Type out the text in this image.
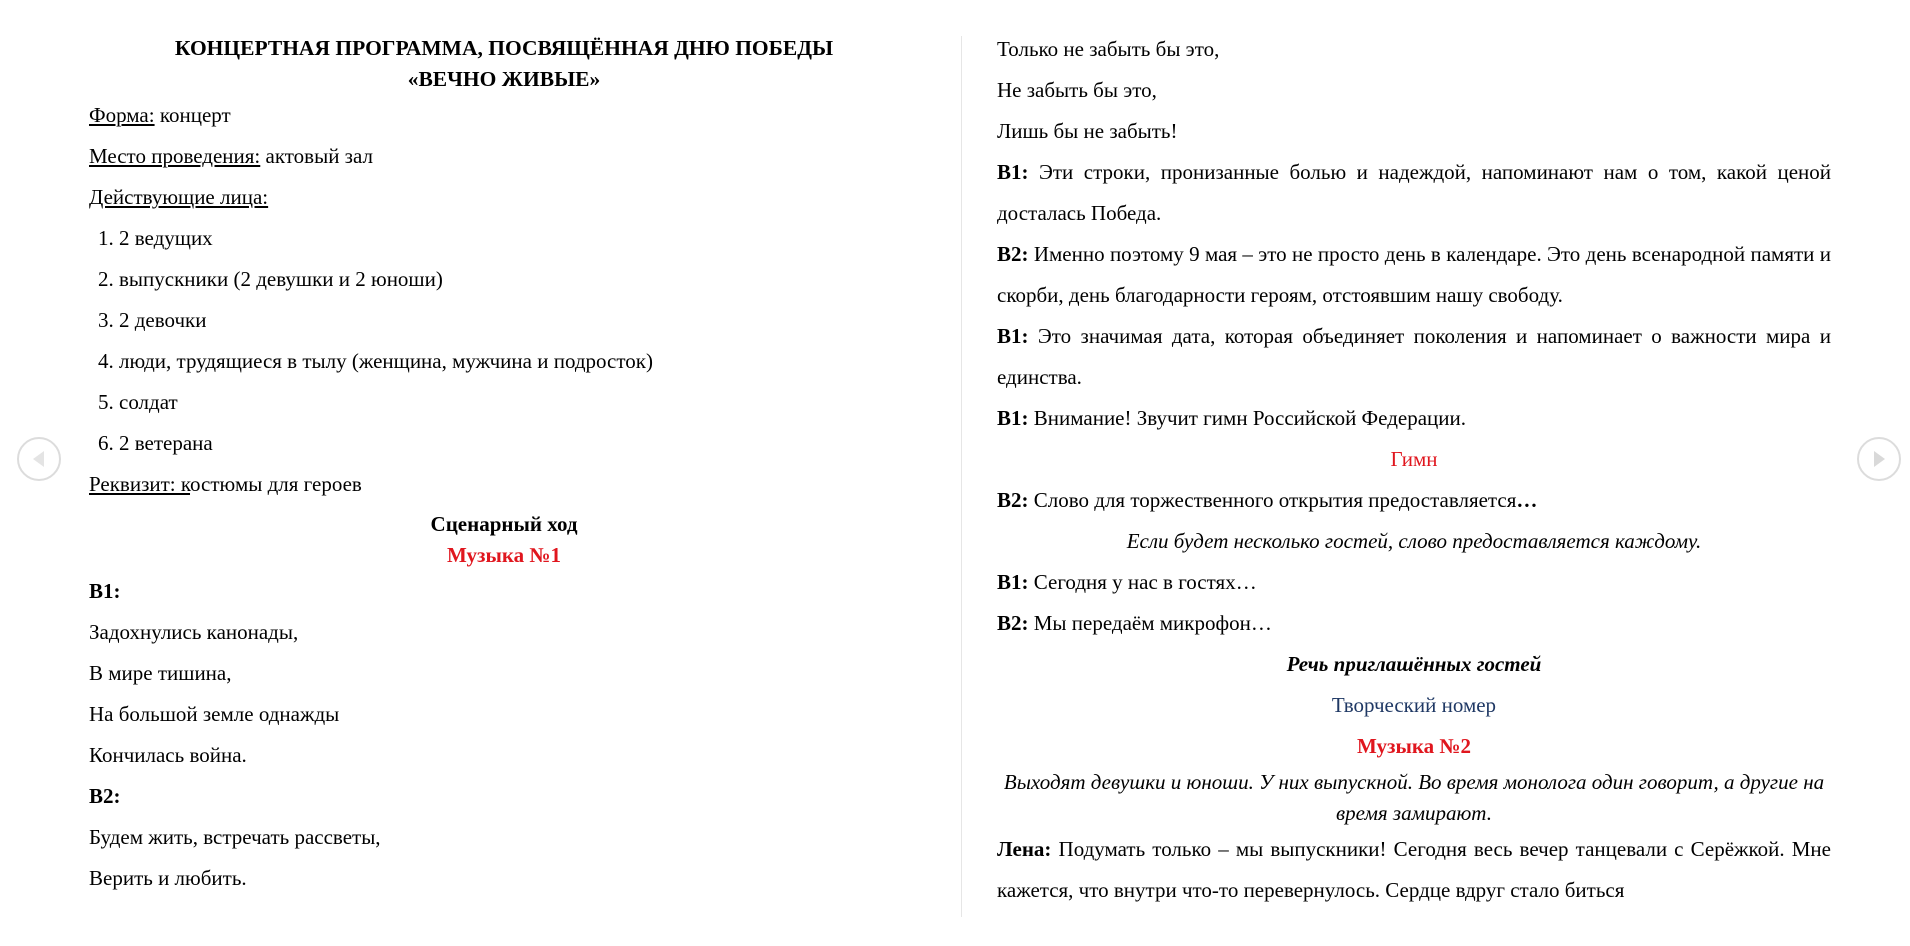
КОНЦЕРТНАЯ ПРОГРАММА, ПОСВЯЩЁННАЯ ДНЮ ПОБЕДЫ

«ВЕЧНО ЖИВЫЕ»

Форма: концерт

Место проведения: актовый зал

Действующие лица:

1. 2 ведущих
2. выпускники (2 девушки и 2 юноши)
3. 2 девочки
4. люди, трудящиеся в тылу (женщина, мужчина и подросток)
5. солдат
6. 2 ветерана

Реквизит: костюмы для героев

Сценарный ход

Музыка №1

В1:

Задохнулись канонады,

В мире тишина,

На большой земле однажды

Кончилась война.

В2:

Будем жить, встречать рассветы,

Верить и любить.

Только не забыть бы это,

Не забыть бы это,

Лишь бы не забыть!

В1: Эти строки, пронизанные болью и надеждой, напоминают нам о том, какой ценой досталась Победа.

В2: Именно поэтому 9 мая – это не просто день в календаре. Это день всенародной памяти и скорби, день благодарности героям, отстоявшим нашу свободу.

В1: Это значимая дата, которая объединяет поколения и напоминает о важности мира и единства.

В1: Внимание! Звучит гимн Российской Федерации.

Гимн

В2: Слово для торжественного открытия предоставляется…

Если будет несколько гостей, слово предоставляется каждому.

В1: Сегодня у нас в гостях…

В2: Мы передаём микрофон…

Речь приглашённых гостей

Творческий номер

Музыка №2

Выходят девушки и юноши. У них выпускной. Во время монолога один говорит, а другие на время замирают.

Лена: Подумать только – мы выпускники! Сегодня весь вечер танцевали с Серёжкой. Мне кажется, что внутри что-то перевернулось. Сердце вдруг стало биться
